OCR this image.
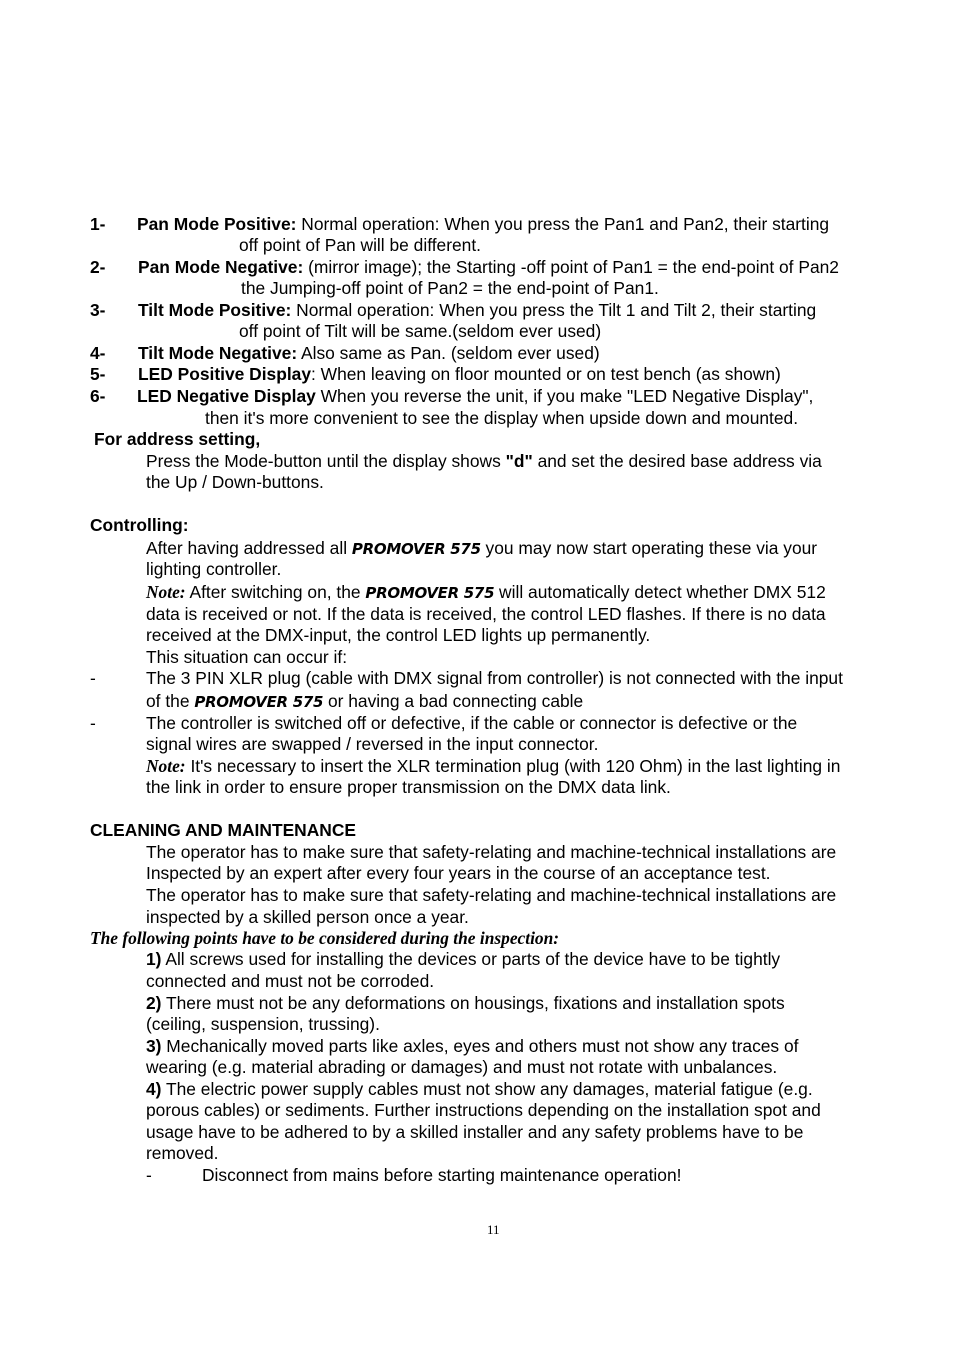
1- Pan Mode Positive: Normal operation: When you press the Pan1 and Pan2, their starting
off point of Pan will be different.
2- Pan Mode Negative: (mirror image); the Starting -off point of Pan1 = the end-point of Pan2
the Jumping-off point of Pan2 = the end-point of Pan1.
3- Tilt Mode Positive: Normal operation: When you press the Tilt 1 and Tilt 2, their starting
off point of Tilt will be same.(seldom ever used)
4- Tilt Mode Negative: Also same as Pan. (seldom ever used)
5- LED Positive Display: When leaving on floor mounted or on test bench (as shown)
6- LED Negative Display When you reverse the unit, if you make "LED Negative Display",
then it's more convenient to see the display when upside down and mounted.
For address setting,
Press the Mode-button until the display shows "d" and set the desired base address via
the Up / Down-buttons.
Controlling:
After having addressed all PROMOVER 575 you may now start operating these via your
lighting controller.
Note: After switching on, the PROMOVER 575 will automatically detect whether DMX 512
data is received or not. If the data is received, the control LED flashes. If there is no data
received at the DMX-input, the control LED lights up permanently.
This situation can occur if:
-	The 3 PIN XLR plug (cable with DMX signal from controller) is not connected with the input
of the PROMOVER 575 or having a bad connecting cable
-	The controller is switched off or defective, if the cable or connector is defective or the
signal wires are swapped / reversed in the input connector.
Note: It's necessary to insert the XLR termination plug (with 120 Ohm) in the last lighting in
the link in order to ensure proper transmission on the DMX data link.
CLEANING AND MAINTENANCE
The operator has to make sure that safety-relating and machine-technical installations are
Inspected by an expert after every four years in the course of an acceptance test.
The operator has to make sure that safety-relating and machine-technical installations are
inspected by a skilled person once a year.
The following points have to be considered during the inspection:
1) All screws used for installing the devices or parts of the device have to be tightly
connected and must not be corroded.
2) There must not be any deformations on housings, fixations and installation spots
(ceiling, suspension, trussing).
3) Mechanically moved parts like axles, eyes and others must not show any traces of
wearing (e.g. material abrading or damages) and must not rotate with unbalances.
4) The electric power supply cables must not show any damages, material fatigue (e.g.
porous cables) or sediments. Further instructions depending on the installation spot and
usage have to be adhered to by a skilled installer and any safety problems have to be
removed.
-	Disconnect from mains before starting maintenance operation!
11
